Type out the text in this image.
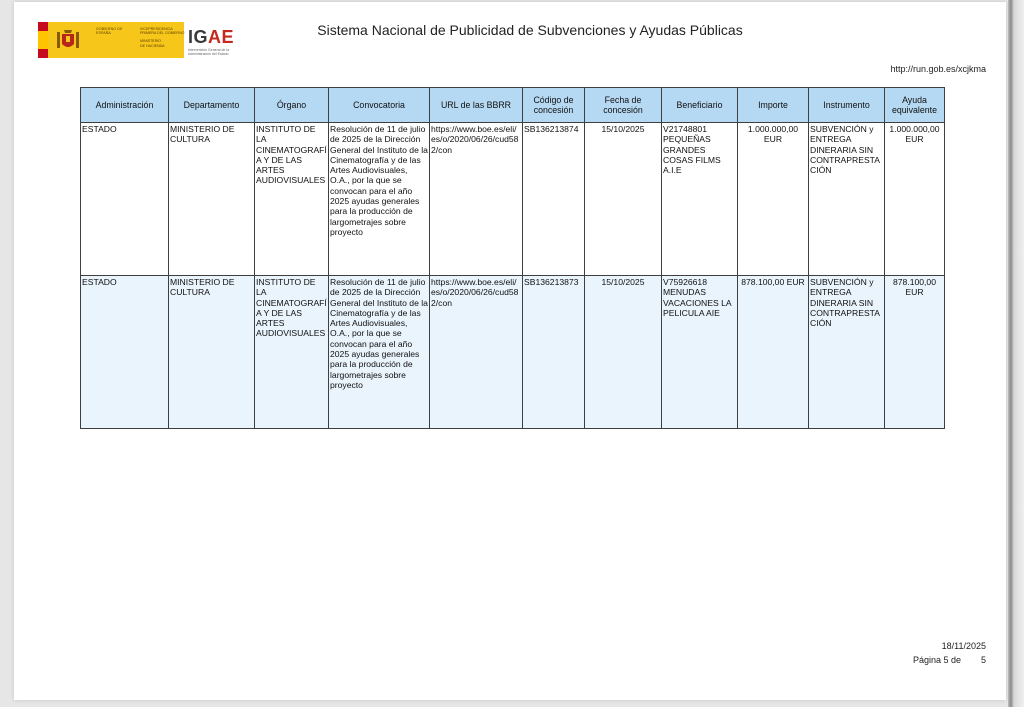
GOBIERNO DE ESPAÑA
VICEPRESIDENCIA
PRIMERA DEL GOBIERNO
MINISTERIO
DE HACIENDA	IGAE
Intervención General de la Administración del Estado
Sistema Nacional de Publicidad de Subvenciones y Ayudas Públicas
http://run.gob.es/xcjkma
Administración	Departamento	Órgano	Convocatoria	URL de las BBRR	Código de concesión	Fecha de concesión	Beneficiario	Importe	Instrumento	Ayuda equivalente
ESTADO	MINISTERIO DE CULTURA	INSTITUTO DE LA CINEMATOGRAFÍA Y DE LAS ARTES AUDIOVISUALES	Resolución de 11 de julio de 2025 de la Dirección General del Instituto de la Cinematografía y de las Artes Audiovisuales, O.A., por la que se convocan para el año 2025 ayudas generales para la producción de largometrajes sobre proyecto	https://www.boe.es/eli/es/o/2020/06/26/cud582/con	SB136213874	15/10/2025	V21748801 PEQUEÑAS GRANDES COSAS FILMS A.I.E	1.000.000,00 EUR	SUBVENCIÓN y ENTREGA DINERARIA SIN CONTRAPRESTACIÓN	1.000.000,00 EUR
ESTADO	MINISTERIO DE CULTURA	INSTITUTO DE LA CINEMATOGRAFÍA Y DE LAS ARTES AUDIOVISUALES	Resolución de 11 de julio de 2025 de la Dirección General del Instituto de la Cinematografía y de las Artes Audiovisuales, O.A., por la que se convocan para el año 2025 ayudas generales para la producción de largometrajes sobre proyecto	https://www.boe.es/eli/es/o/2020/06/26/cud582/con	SB136213873	15/10/2025	V75926618 MENUDAS VACACIONES LA PELICULA AIE	878.100,00 EUR	SUBVENCIÓN y ENTREGA DINERARIA SIN CONTRAPRESTACIÓN	878.100,00 EUR
18/11/2025
Página 5 de 5
